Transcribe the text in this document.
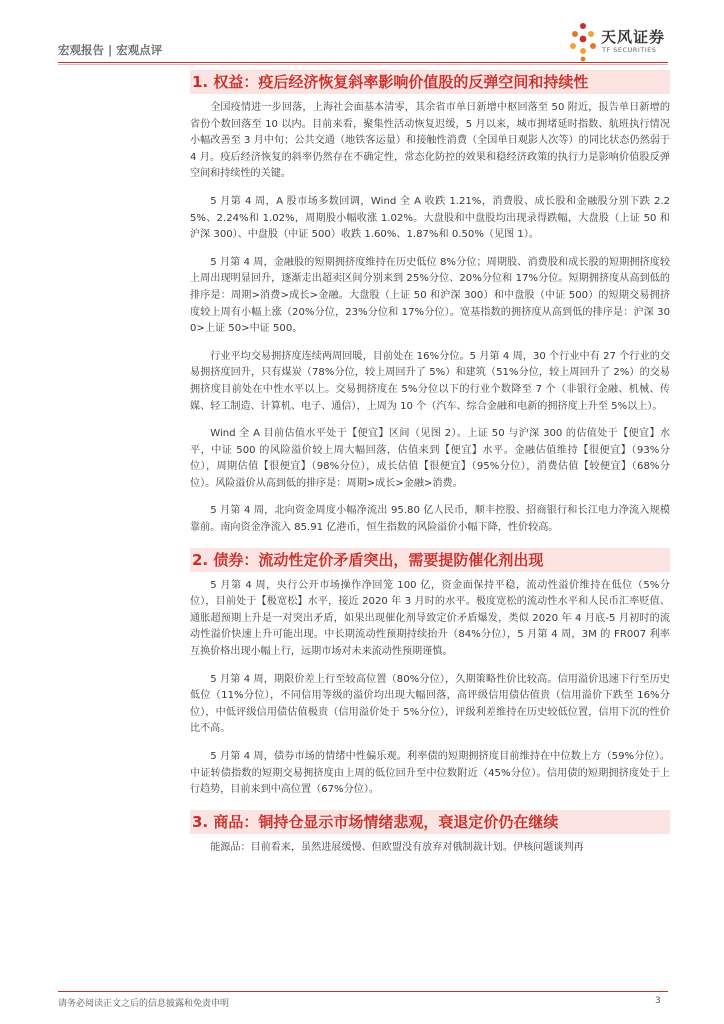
宏观报告 | 宏观点评
天风证券
TF SECURITIES
1. 权益：疫后经济恢复斜率影响价值股的反弹空间和持续性

全国疫情进一步回落，上海社会面基本清零，其余省市单日新增中枢回落至 50 附近，报告单日新增的省份个数回落至 10 以内。目前来看，聚集性活动恢复迟缓，5 月以来，城市拥堵延时指数、航班执行情况小幅改善至 3 月中旬；公共交通（地铁客运量）和接触性消费（全国单日观影人次等）的同比状态仍然弱于 4 月。疫后经济恢复的斜率仍然存在不确定性，常态化防控的效果和稳经济政策的执行力是影响价值股反弹空间和持续性的关键。

5 月第 4 周，A 股市场多数回调，Wind 全 A 收跌 1.21%，消费股、成长股和金融股分别下跌 2.25%、2.24%和 1.02%，周期股小幅收涨 1.02%。大盘股和中盘股均出现录得跌幅，大盘股（上证 50 和沪深 300）、中盘股（中证 500）收跌 1.60%、1.87%和 0.50%（见图 1）。

5 月第 4 周，金融股的短期拥挤度维持在历史低位 8%分位；周期股、消费股和成长股的短期拥挤度较上周出现明显回升，逐渐走出超卖区间分别来到 25%分位、20%分位和 17%分位。短期拥挤度从高到低的排序是：周期>消费>成长>金融。大盘股（上证 50 和沪深 300）和中盘股（中证 500）的短期交易拥挤度较上周有小幅上涨（20%分位，23%分位和 17%分位）。宽基指数的拥挤度从高到低的排序是：沪深 300>上证 50>中证 500。

行业平均交易拥挤度连续两周回暖，目前处在 16%分位。5 月第 4 周，30 个行业中有 27 个行业的交易拥挤度回升，只有煤炭（78%分位，较上周回升了 5%）和建筑（51%分位，较上周回升了 2%）的交易拥挤度目前处在中性水平以上。交易拥挤度在 5%分位以下的行业个数降至 7 个（非银行金融、机械、传媒、轻工制造、计算机、电子、通信），上周为 10 个（汽车、综合金融和电新的拥挤度上升至 5%以上）。

Wind 全 A 目前估值水平处于【便宜】区间（见图 2）。上证 50 与沪深 300 的估值处于【便宜】水平，中证 500 的风险溢价较上周大幅回落，估值来到【便宜】水平。金融估值维持【很便宜】（93%分位），周期估值【很便宜】（98%分位），成长估值【很便宜】（95%分位），消费估值【较便宜】（68%分位）。风险溢价从高到低的排序是：周期>成长>金融>消费。

5 月第 4 周，北向资金周度小幅净流出 95.80 亿人民币，顺丰控股、招商银行和长江电力净流入规模靠前。南向资金净流入 85.91 亿港币，恒生指数的风险溢价小幅下降，性价较高。

2. 债券：流动性定价矛盾突出，需要提防催化剂出现

5 月第 4 周，央行公开市场操作净回笼 100 亿，资金面保持平稳，流动性溢价维持在低位（5%分位），目前处于【极宽松】水平，接近 2020 年 3 月时的水平。极度宽松的流动性水平和人民币汇率贬值、通胀超预期上升是一对突出矛盾，如果出现催化剂导致定价矛盾爆发，类似 2020 年 4 月底-5 月初时的流动性溢价快速上升可能出现。中长期流动性预期持续抬升（84%分位），5 月第 4 周，3M 的 FR007 利率互换价格出现小幅上行，远期市场对未来流动性预期谨慎。

5 月第 4 周，期限价差上行至较高位置（80%分位），久期策略性价比较高。信用溢价迅速下行至历史低位（11%分位），不同信用等级的溢价均出现大幅回落，高评级信用债估值贵（信用溢价下跌至 16%分位），中低评级信用债估值极贵（信用溢价处于 5%分位），评级利差维持在历史较低位置，信用下沉的性价比不高。

5 月第 4 周，债券市场的情绪中性偏乐观。利率债的短期拥挤度目前维持在中位数上方（59%分位）。中证转债指数的短期交易拥挤度由上周的低位回升至中位数附近（45%分位）。信用债的短期拥挤度处于上行趋势，目前来到中高位置（67%分位）。

3. 商品：铜持仓显示市场情绪悲观，衰退定价仍在继续

能源品：目前看来，虽然进展缓慢、但欧盟没有放弃对俄制裁计划。伊核问题谈判再

请务必阅读正文之后的信息披露和免责申明	3
